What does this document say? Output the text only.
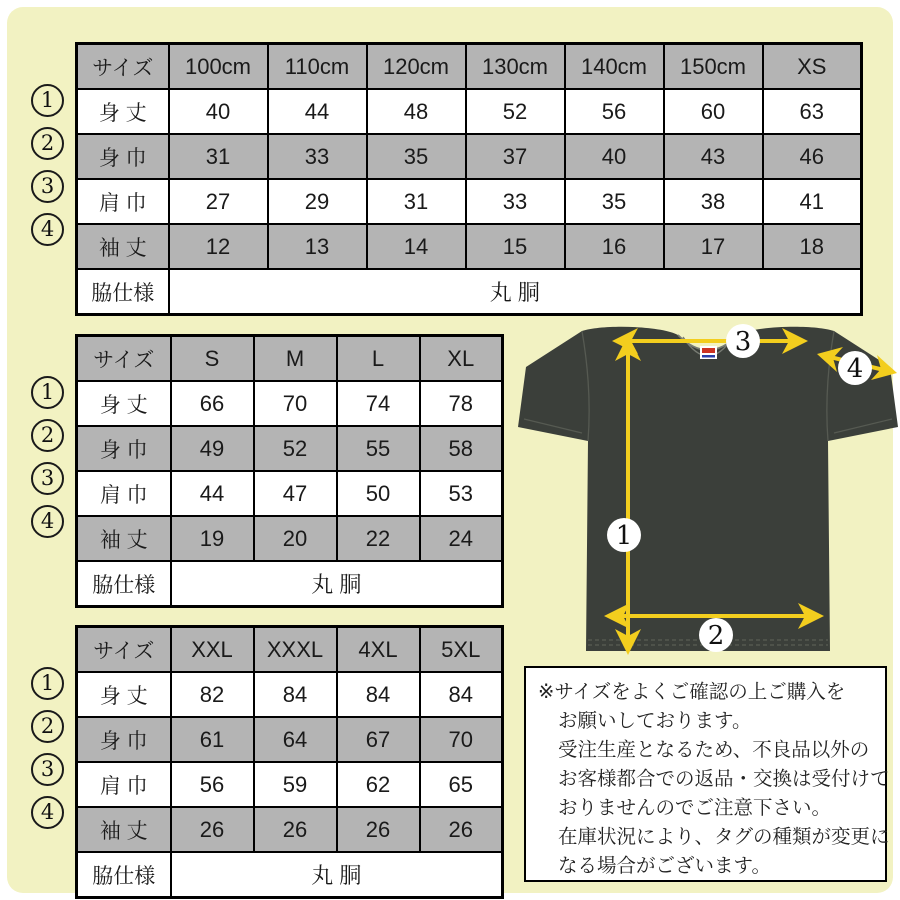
サイズ	100cm	110cm	120cm	130cm	140cm	150cm	XS
身 丈	40	44	48	52	56	60	63
身 巾	31	33	35	37	40	43	46
肩 巾	27	29	31	33	35	38	41
袖 丈	12	13	14	15	16	17	18
脇仕様	丸 胴						
サイズ	S	M	L	XL
身 丈	66	70	74	78
身 巾	49	52	55	58
肩 巾	44	47	50	53
袖 丈	19	20	22	24
脇仕様	丸 胴			
サイズ	XXL	XXXL	4XL	5XL
身 丈	82	84	84	84
身 巾	61	64	67	70
肩 巾	56	59	62	65
袖 丈	26	26	26	26
脇仕様	丸 胴			
3
4
1
2
※サイズをよくご確認の上ご購入を
お願いしております。
受注生産となるため、不良品以外の
お客様都合での返品・交換は受付けて
おりませんのでご注意下さい。
在庫状況により、タグの種類が変更に
なる場合がございます。
1
2
3
4
1
2
3
4
1
2
3
4
